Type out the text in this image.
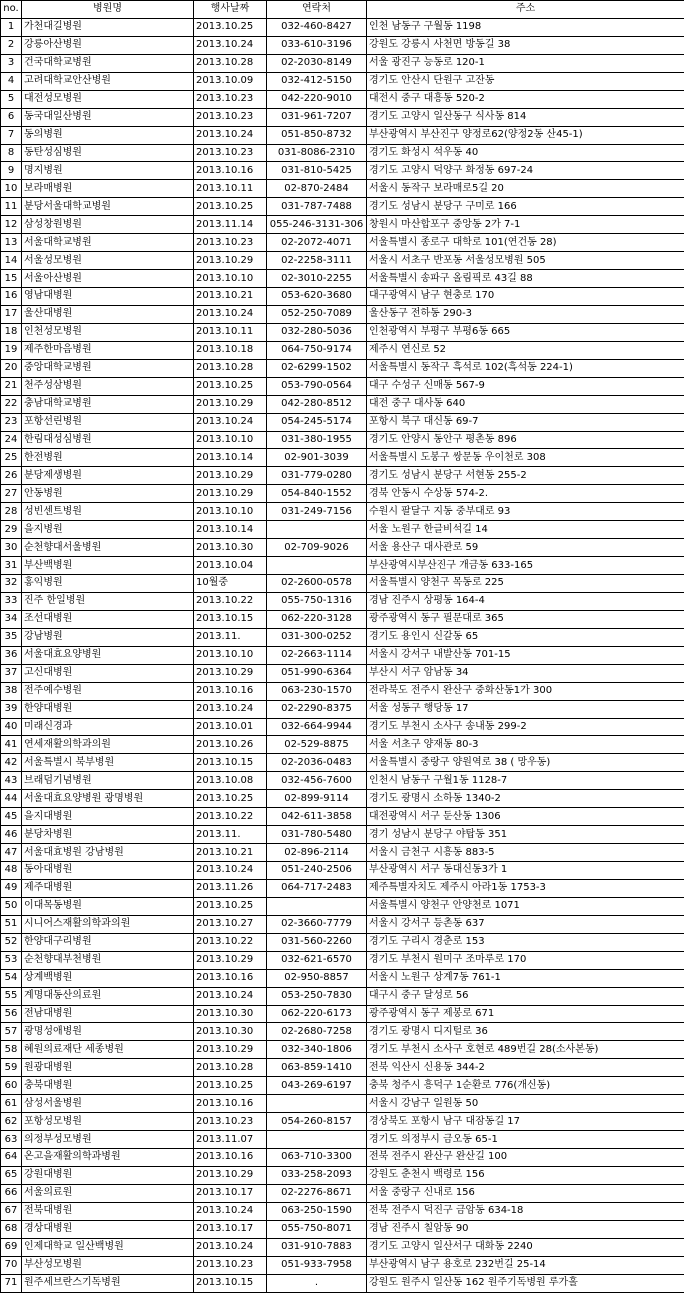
no.	병원명	행사날짜	연락처	주소
1	가천대길병원	2013.10.25	032-460-8427	인천 남동구 구월동 1198
2	강릉아산병원	2013.10.24	033-610-3196	강원도 강릉시 사천면 방동길 38
3	건국대학교병원	2013.10.28	02-2030-8149	서울 광진구 능동로 120-1
4	고려대학교안산병원	2013.10.09	032-412-5150	경기도 안산시 단원구 고잔동
5	대전성모병원	2013.10.23	042-220-9010	대전시 중구 대흥동 520-2
6	동국대일산병원	2013.10.23	031-961-7207	경기도 고양시 일산동구 식사동 814
7	동의병원	2013.10.24	051-850-8732	부산광역시 부산진구 양정로62(양정2동 산45-1)
8	동탄성심병원	2013.10.23	031-8086-2310	경기도 화성시 석우동 40
9	명지병원	2013.10.16	031-810-5425	경기도 고양시 덕양구 화정동 697-24
10	보라매병원	2013.10.11	02-870-2484	서울시 동작구 보라매로5길 20
11	분당서울대학교병원	2013.10.25	031-787-7488	경기도 성남시 분당구 구미로 166
12	삼성창원병원	2013.11.14	055-246-3131-306	창원시 마산합포구 중앙동 2가 7-1
13	서울대학교병원	2013.10.23	02-2072-4071	서울특별시 종로구 대학로 101(연건동 28)
14	서울성모병원	2013.10.29	02-2258-3111	서울시 서초구 반포동 서울성모병원 505
15	서울아산병원	2013.10.10	02-3010-2255	서울특별시 송파구 올림픽로 43길 88
16	영남대병원	2013.10.21	053-620-3680	대구광역시 남구 현충로 170
17	울산대병원	2013.10.24	052-250-7089	울산동구 전하동 290-3
18	인천성모병원	2013.10.11	032-280-5036	인천광역시 부평구 부평6동 665
19	제주한마음병원	2013.10.18	064-750-9174	제주시 연신로 52
20	중앙대학교병원	2013.10.28	02-6299-1502	서울특별시 동작구 흑석로 102(흑석동 224-1)
21	천주성삼병원	2013.10.25	053-790-0564	대구 수성구 신매동 567-9
22	충남대학교병원	2013.10.29	042-280-8512	대전 중구 대사동 640
23	포항선린병원	2013.10.24	054-245-5174	포항시 북구 대신동 69-7
24	한림대성심병원	2013.10.10	031-380-1955	경기도 안양시 동안구 평촌동 896
25	한전병원	2013.10.14	02-901-3039	서울특별시 도봉구 쌍문동 우이천로 308
26	분당제생병원	2013.10.29	031-779-0280	경기도 성남시 분당구 서현동 255-2
27	안동병원	2013.10.29	054-840-1552	경북 안동시 수상동 574-2.
28	성빈센트병원	2013.10.10	031-249-7156	수원시 팔달구 지동 중부대로 93
29	을지병원	2013.10.14		서울 노원구 한글비석길 14
30	순천향대서울병원	2013.10.30	02-709-9026	서울 용산구 대사관로 59
31	부산백병원	2013.10.04		부산광역시부산진구 개금동 633-165
32	홍익병원	10월중	02-2600-0578	서울특별시 양천구 목동로 225
33	진주 한일병원	2013.10.22	055-750-1316	경남 진주시 상평동 164-4
34	조선대병원	2013.10.15	062-220-3128	광주광역시 동구 필문대로 365
35	강남병원	2013.11.	031-300-0252	경기도 용인시 신갈동 65
36	서울대효요양병원	2013.10.10	02-2663-1114	서울시 강서구 내발산동 701-15
37	고신대병원	2013.10.29	051-990-6364	부산시 서구 암남동 34
38	전주예수병원	2013.10.16	063-230-1570	전라북도 전주시 완산구 중화산동1가 300
39	한양대병원	2013.10.24	02-2290-8375	서울 성동구 행당동 17
40	미래신경과	2013.10.01	032-664-9944	경기도 부천시 소사구 송내동 299-2
41	연세재활의학과의원	2013.10.26	02-529-8875	서울 서초구 양재동 80-3
42	서울특별시 북부병원	2013.10.15	02-2036-0483	서울특별시 중랑구 양원역로 38 ( 망우동)
43	브래덤기념병원	2013.10.08	032-456-7600	인천시 남동구 구월1동 1128-7
44	서울대효요양병원 광명병원	2013.10.25	02-899-9114	경기도 광명시 소하동 1340-2
45	을지대병원	2013.10.22	042-611-3858	대전광역시 서구 둔산동 1306
46	분당차병원	2013.11.	031-780-5480	경기 성남시 분당구 야탑동 351
47	서울대효병원 강남병원	2013.10.21	02-896-2114	서울시 금천구 시흥동 883-5
48	동아대병원	2013.10.24	051-240-2506	부산광역시 서구 동대신동3가 1
49	제주대병원	2013.11.26	064-717-2483	제주특별자치도 제주시 아라1동 1753-3
50	이대목동병원	2013.10.25		서울특별시 양천구 안양천로 1071
51	시니어스재활의학과의원	2013.10.27	02-3660-7779	서울시 강서구 등촌동 637
52	한양대구리병원	2013.10.22	031-560-2260	경기도 구리시 경춘로 153
53	순천향대부천병원	2013.10.29	032-621-6570	경기도 부천시 원미구 조마루로 170
54	상계백병원	2013.10.16	02-950-8857	서울시 노원구 상계7동 761-1
55	계명대동산의료원	2013.10.24	053-250-7830	대구시 중구 달성로 56
56	전남대병원	2013.10.30	062-220-6173	광주광역시 동구 제봉로 671
57	광명성애병원	2013.10.30	02-2680-7258	경기도 광명시 디지털로 36
58	혜원의료재단 세종병원	2013.10.29	032-340-1806	경기도 부천시 소사구 호현로 489번길 28(소사본동)
59	원광대병원	2013.10.28	063-859-1410	전북 익산시 신용동 344-2
60	충북대병원	2013.10.25	043-269-6197	충북 청주시 흥덕구 1순환로 776(개신동)
61	삼성서울병원	2013.10.16		서울시 강남구 일원동 50
62	포항성모병원	2013.10.23	054-260-8157	경상북도 포항시 남구 대잠동길 17
63	의정부성모병원	2013.11.07		경기도 의정부시 금오동 65-1
64	온고을재활의학과병원	2013.10.16	063-710-3300	전북 전주시 완산구 완산길 100
65	강원대병원	2013.10.29	033-258-2093	강원도 춘천시 백령로 156
66	서울의료원	2013.10.17	02-2276-8671	서울 중랑구 신내로 156
67	전북대병원	2013.10.24	063-250-1590	전북 전주시 덕진구 금암동 634-18
68	경상대병원	2013.10.17	055-750-8071	경남 진주시 칠암동 90
69	인제대학교 일산백병원	2013.10.24	031-910-7883	경기도 고양시 일산서구 대화동 2240
70	부산성모병원	2013.10.23	051-933-7958	부산광역시 남구 용호로 232번길 25-14
71	원주세브란스기독병원	2013.10.15	.	강원도 원주시 일산동 162 원주기독병원 루가홀
